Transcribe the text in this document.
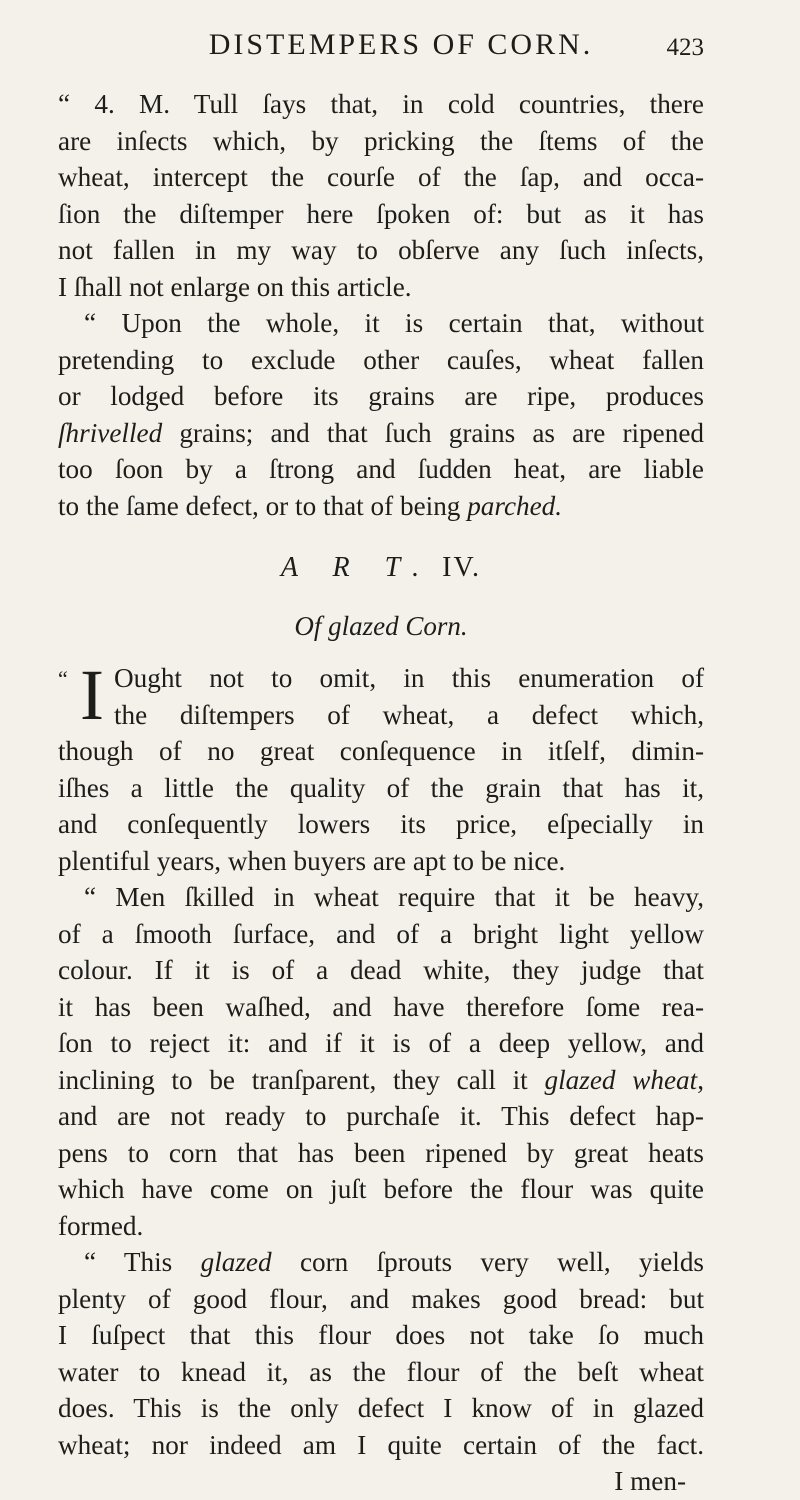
DISTEMPERS OF CORN.	423
“ 4. M. Tull ſays that, in cold countries, there
are inſects which, by pricking the ſtems of the
wheat, intercept the courſe of the ſap, and occa-
ſion the diſtemper here ſpoken of: but as it has
not fallen in my way to obſerve any ſuch inſects,
I ſhall not enlarge on this article.
“ Upon the whole, it is certain that, without
pretending to exclude other cauſes, wheat fallen
or lodged before its grains are ripe, produces
ſhrivelled grains; and that ſuch grains as are ripened
too ſoon by a ſtrong and ſudden heat, are liable
to the ſame defect, or to that of being parched.
A R T. IV.
Of glazed Corn.
“ I Ought not to omit, in this enumeration of
the diſtempers of wheat, a defect which,
though of no great conſequence in itſelf, dimin-
iſhes a little the quality of the grain that has it,
and conſequently lowers its price, eſpecially in
plentiful years, when buyers are apt to be nice.
“ Men ſkilled in wheat require that it be heavy,
of a ſmooth ſurface, and of a bright light yellow
colour. If it is of a dead white, they judge that
it has been waſhed, and have therefore ſome rea-
ſon to reject it: and if it is of a deep yellow, and
inclining to be tranſparent, they call it glazed wheat,
and are not ready to purchaſe it. This defect hap-
pens to corn that has been ripened by great heats
which have come on juſt before the flour was quite
formed.
“ This glazed corn ſprouts very well, yields
plenty of good flour, and makes good bread: but
I ſuſpect that this flour does not take ſo much
water to knead it, as the flour of the beſt wheat
does. This is the only defect I know of in glazed
wheat; nor indeed am I quite certain of the fact.
I men-
